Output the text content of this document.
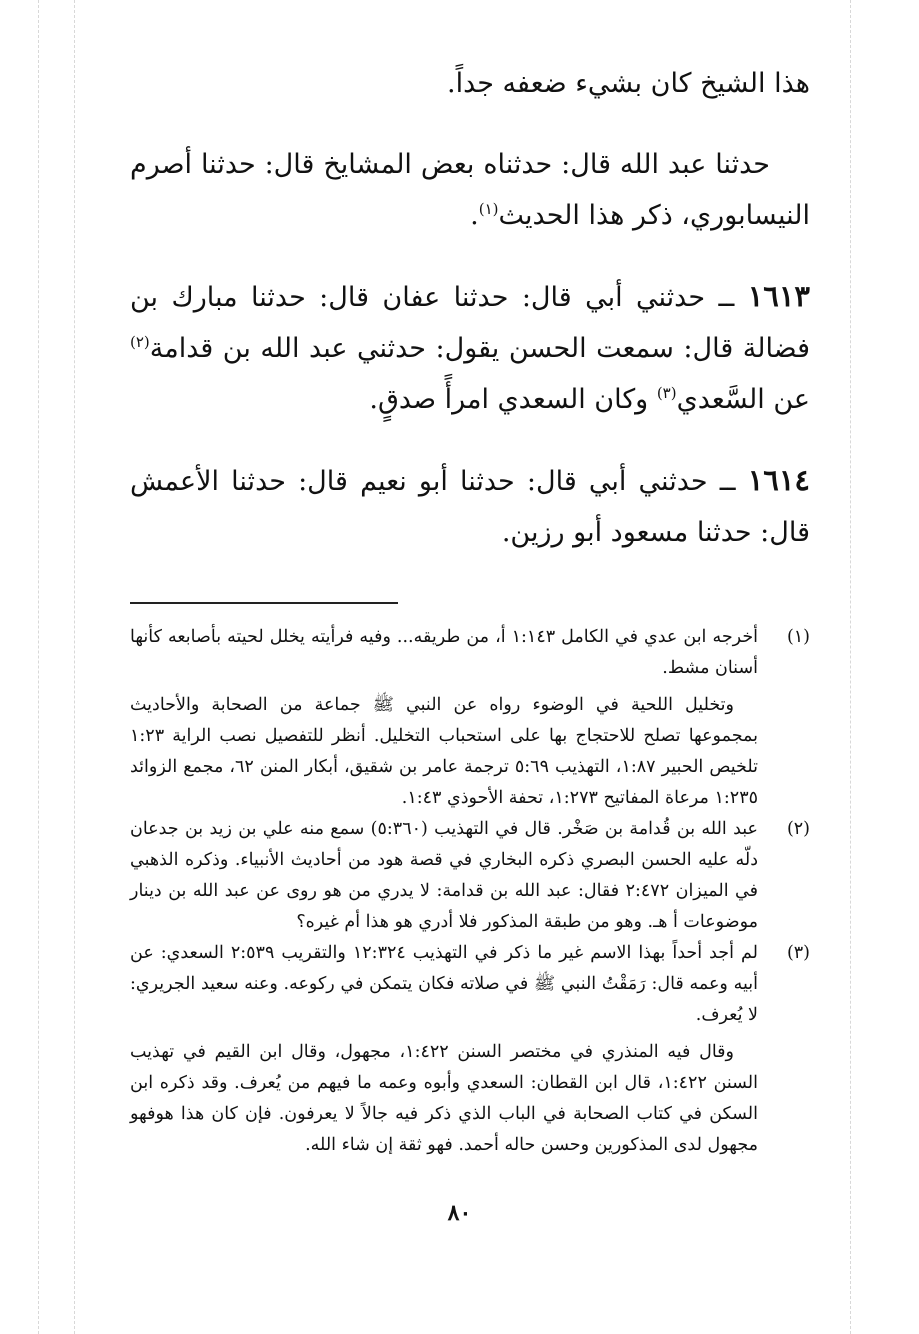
هذا الشيخ كان بشيء ضعفه جداً.

حدثنا عبد الله قال: حدثناه بعض المشايخ قال: حدثنا أصرم النيسابوري، ذكر هذا الحديث$^{(١)}$.

١٦١٣ ــ حدثني أبي قال: حدثنا عفان قال: حدثنا مبارك بن فضالة قال: سمعت الحسن يقول: حدثني عبد الله بن قدامة$^{(٢)}$ عن السَّعدي$^{(٣)}$ وكان السعدي امرأً صدقٍ.

١٦١٤ ــ حدثني أبي قال: حدثنا أبو نعيم قال: حدثنا الأعمش قال: حدثنا مسعود أبو رزين.

(١)

أخرجه ابن عدي في الكامل ١:١٤٣ أ، من طريقه... وفيه فرأيته يخلل لحيته بأصابعه كأنها أسنان مشط.

وتخليل اللحية في الوضوء رواه عن النبي ﷺ جماعة من الصحابة والأحاديث بمجموعها تصلح للاحتجاج بها على استحباب التخليل. أنظر للتفصيل نصب الراية ١:٢٣ تلخيص الحبير ١:٨٧، التهذيب ٥:٦٩ ترجمة عامر بن شقيق، أبكار المنن ٦٢، مجمع الزوائد ١:٢٣٥ مرعاة المفاتيح ١:٢٧٣، تحفة الأحوذي ١:٤٣.

(٢)

عبد الله بن قُدامة بن صَخْر. قال في التهذيب (٥:٣٦٠) سمع منه علي بن زيد بن جدعان دلّه عليه الحسن البصري ذكره البخاري في قصة هود من أحاديث الأنبياء. وذكره الذهبي في الميزان ٢:٤٧٢ فقال: عبد الله بن قدامة: لا يدري من هو روى عن عبد الله بن دينار موضوعات أ هـ. وهو من طبقة المذكور فلا أدري هو هذا أم غيره؟

(٣)

لم أجد أحداً بهذا الاسم غير ما ذكر في التهذيب ١٢:٣٢٤ والتقريب ٢:٥٣٩ السعدي: عن أبيه وعمه قال: رَمَقْتُ النبي ﷺ في صلاته فكان يتمكن في ركوعه. وعنه سعيد الجريري: لا يُعرف.

وقال فيه المنذري في مختصر السنن ١:٤٢٢، مجهول، وقال ابن القيم في تهذيب السنن ١:٤٢٢، قال ابن القطان: السعدي وأبوه وعمه ما فيهم من يُعرف. وقد ذكره ابن السكن في كتاب الصحابة في الباب الذي ذكر فيه جالاً لا يعرفون. فإن كان هذا هوفهو مجهول لدى المذكورين وحسن حاله أحمد. فهو ثقة إن شاء الله.

٨٠
